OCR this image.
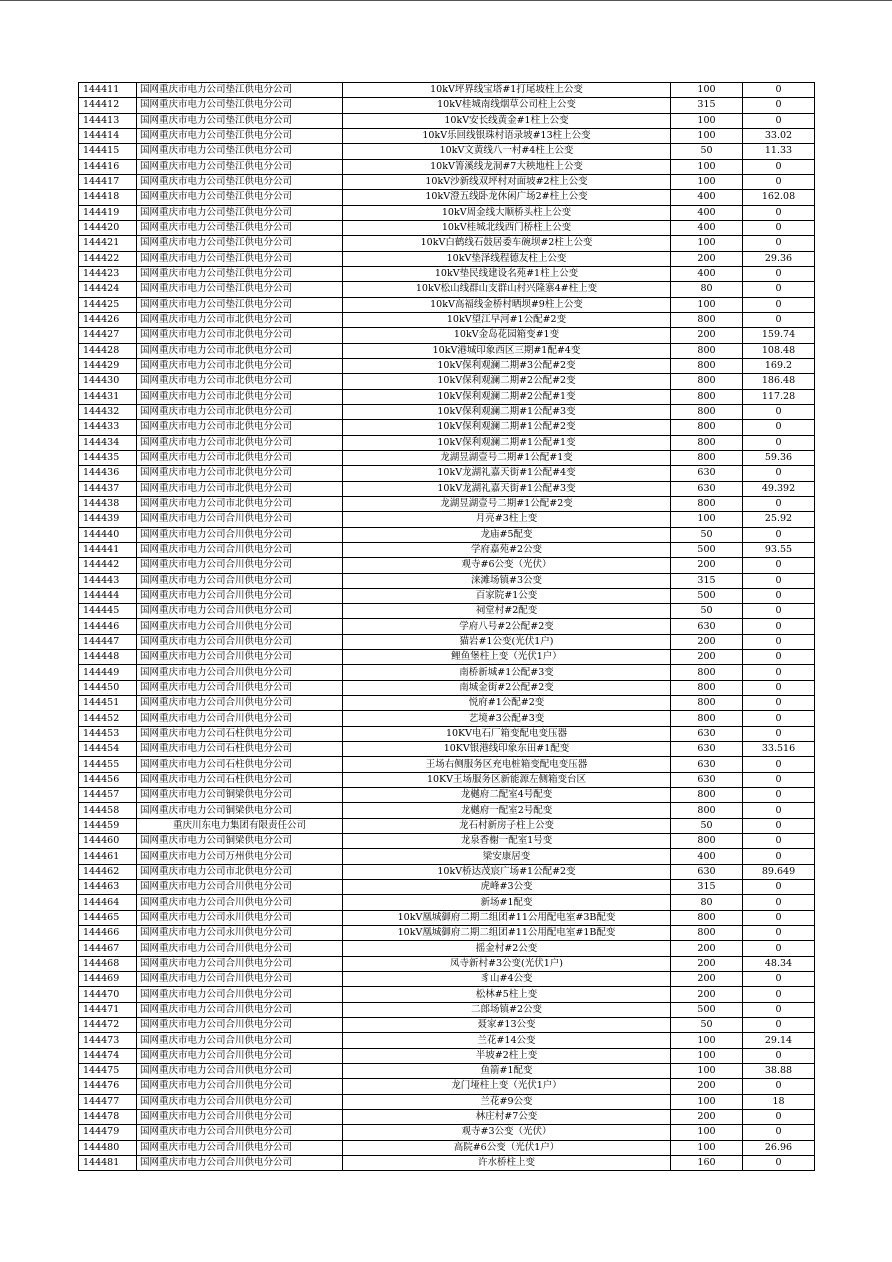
144411	国网重庆市电力公司垫江供电分公司	10kV坪界线宝塔#1打尾坡柱上公变	100	0
144412	国网重庆市电力公司垫江供电分公司	10kV桂城南线烟草公司柱上公变	315	0
144413	国网重庆市电力公司垫江供电分公司	10kV安长线黄金#1柱上公变	100	0
144414	国网重庆市电力公司垫江供电分公司	10kV乐回线银珠村语录坡#13柱上公变	100	33.02
144415	国网重庆市电力公司垫江供电分公司	10kV文黄线八一村#4柱上公变	50	11.33
144416	国网重庆市电力公司垫江供电分公司	10kV箐溪线龙洞#7大秧地柱上公变	100	0
144417	国网重庆市电力公司垫江供电分公司	10kV沙新线双坪村对面坡#2柱上公变	100	0
144418	国网重庆市电力公司垫江供电分公司	10kV澄五线卧龙休闲广场2#柱上公变	400	162.08
144419	国网重庆市电力公司垫江供电分公司	10kV周金线大顺桥头柱上公变	400	0
144420	国网重庆市电力公司垫江供电分公司	10kV桂城北线西门桥柱上公变	400	0
144421	国网重庆市电力公司垫江供电分公司	10kV白鹤线石鼓居委车碗坝#2柱上公变	100	0
144422	国网重庆市电力公司垫江供电分公司	10kV垫泽线程德友柱上公变	200	29.36
144423	国网重庆市电力公司垫江供电分公司	10kV垫民线建设名苑#1柱上公变	400	0
144424	国网重庆市电力公司垫江供电分公司	10kV松山线群山支群山村兴隆寨4#柱上变	80	0
144425	国网重庆市电力公司垫江供电分公司	10kV高福线金桥村晒坝#9柱上公变	100	0
144426	国网重庆市电力公司市北供电分公司	10kV望江早河#1公配#2变	800	0
144427	国网重庆市电力公司市北供电分公司	10kV金岛花园箱变#1变	200	159.74
144428	国网重庆市电力公司市北供电分公司	10kV港城印象西区三期#1配#4变	800	108.48
144429	国网重庆市电力公司市北供电分公司	10kV保利观澜二期#3公配#2变	800	169.2
144430	国网重庆市电力公司市北供电分公司	10kV保利观澜二期#2公配#2变	800	186.48
144431	国网重庆市电力公司市北供电分公司	10kV保利观澜二期#2公配#1变	800	117.28
144432	国网重庆市电力公司市北供电分公司	10kV保利观澜二期#1公配#3变	800	0
144433	国网重庆市电力公司市北供电分公司	10kV保利观澜二期#1公配#2变	800	0
144434	国网重庆市电力公司市北供电分公司	10kV保利观澜二期#1公配#1变	800	0
144435	国网重庆市电力公司市北供电分公司	龙湖昱湖壹号二期#1公配#1变	800	59.36
144436	国网重庆市电力公司市北供电分公司	10kV龙湖礼嘉天街#1公配#4变	630	0
144437	国网重庆市电力公司市北供电分公司	10kV龙湖礼嘉天街#1公配#3变	630	49.392
144438	国网重庆市电力公司市北供电分公司	龙湖昱湖壹号二期#1公配#2变	800	0
144439	国网重庆市电力公司合川供电分公司	月亮#3柱上变	100	25.92
144440	国网重庆市电力公司合川供电分公司	龙庙#5配变	50	0
144441	国网重庆市电力公司合川供电分公司	学府嘉苑#2公变	500	93.55
144442	国网重庆市电力公司合川供电分公司	观寺#6公变（光伏）	200	0
144443	国网重庆市电力公司合川供电分公司	涞滩场镇#3公变	315	0
144444	国网重庆市电力公司合川供电分公司	百家院#1公变	500	0
144445	国网重庆市电力公司合川供电分公司	祠堂村#2配变	50	0
144446	国网重庆市电力公司合川供电分公司	学府八号#2公配#2变	630	0
144447	国网重庆市电力公司合川供电分公司	猫岩#1公变(光伏1户)	200	0
144448	国网重庆市电力公司合川供电分公司	鲤鱼堡柱上变（光伏1户）	200	0
144449	国网重庆市电力公司合川供电分公司	南桥新城#1公配#3变	800	0
144450	国网重庆市电力公司合川供电分公司	南城金街#2公配#2变	800	0
144451	国网重庆市电力公司合川供电分公司	悦府#1公配#2变	800	0
144452	国网重庆市电力公司合川供电分公司	艺境#3公配#3变	800	0
144453	国网重庆市电力公司石柱供电分公司	10KV电石厂箱变配电变压器	630	0
144454	国网重庆市电力公司石柱供电分公司	10KV银港线印象东田#1配变	630	33.516
144455	国网重庆市电力公司石柱供电分公司	王场右侧服务区充电桩箱变配电变压器	630	0
144456	国网重庆市电力公司石柱供电分公司	10KV王场服务区新能源左侧箱变台区	630	0
144457	国网重庆市电力公司铜梁供电分公司	龙樾府二配室4号配变	800	0
144458	国网重庆市电力公司铜梁供电分公司	龙樾府一配室2号配变	800	0
144459	重庆川东电力集团有限责任公司	龙石村新房子柱上公变	50	0
144460	国网重庆市电力公司铜梁供电分公司	龙泉香榭一配室1号变	800	0
144461	国网重庆市电力公司万州供电分公司	梁安康居变	400	0
144462	国网重庆市电力公司市北供电分公司	10kV桥达茂宸广场#1公配#2变	630	89.649
144463	国网重庆市电力公司合川供电分公司	虎峰#3公变	315	0
144464	国网重庆市电力公司合川供电分公司	新场#1配变	80	0
144465	国网重庆市电力公司永川供电分公司	10kV凰城御府二期二组团#11公用配电室#3B配变	800	0
144466	国网重庆市电力公司永川供电分公司	10kV凰城御府二期二组团#11公用配电室#1B配变	800	0
144467	国网重庆市电力公司合川供电分公司	摇金村#2公变	200	0
144468	国网重庆市电力公司合川供电分公司	凤寺新村#3公变(光伏1户)	200	48.34
144469	国网重庆市电力公司合川供电分公司	豸山#4公变	200	0
144470	国网重庆市电力公司合川供电分公司	松林#5柱上变	200	0
144471	国网重庆市电力公司合川供电分公司	二郎场镇#2公变	500	0
144472	国网重庆市电力公司合川供电分公司	聂家#13公变	50	0
144473	国网重庆市电力公司合川供电分公司	兰花#14公变	100	29.14
144474	国网重庆市电力公司合川供电分公司	半坡#2柱上变	100	0
144475	国网重庆市电力公司合川供电分公司	鱼箭#1配变	100	38.88
144476	国网重庆市电力公司合川供电分公司	龙门垭柱上变（光伏1户）	200	0
144477	国网重庆市电力公司合川供电分公司	兰花#9公变	100	18
144478	国网重庆市电力公司合川供电分公司	林庄村#7公变	200	0
144479	国网重庆市电力公司合川供电分公司	观寺#3公变（光伏）	100	0
144480	国网重庆市电力公司合川供电分公司	高院#6公变（光伏1户）	100	26.96
144481	国网重庆市电力公司合川供电分公司	许水桥柱上变	160	0
